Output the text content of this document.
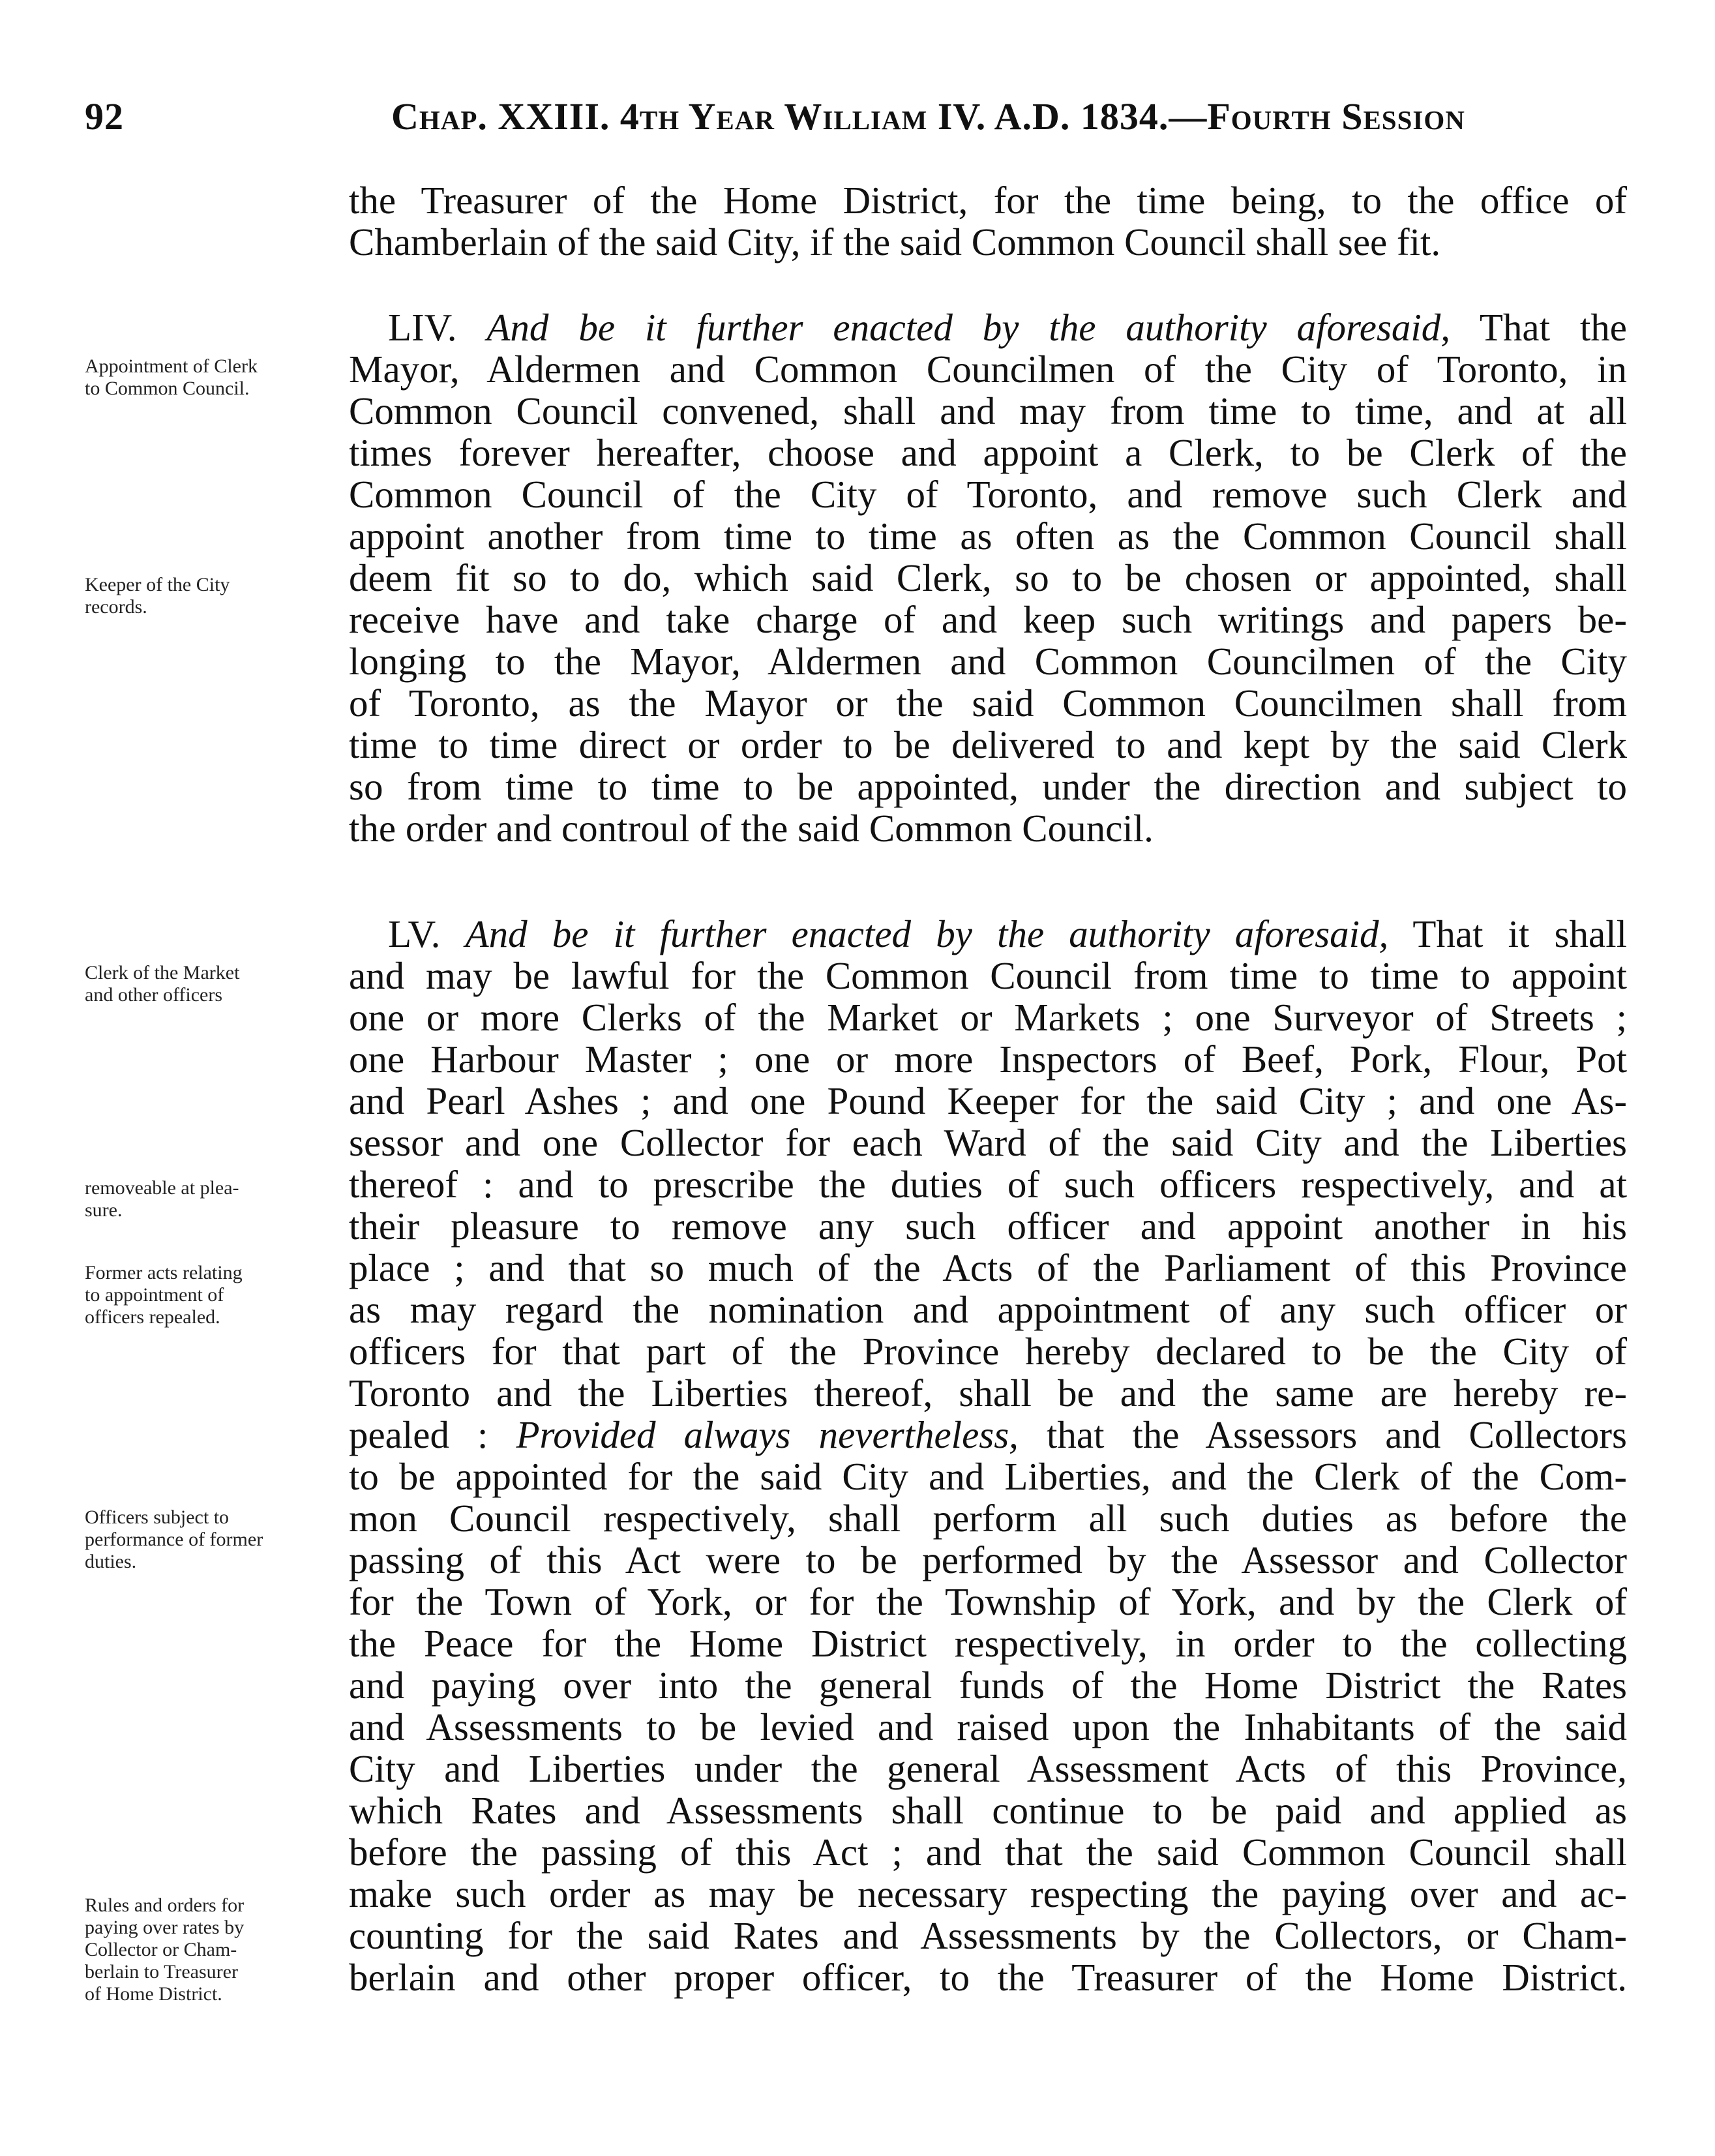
92	Chap. XXIII. 4th Year William IV. A.D. 1834.—Fourth Session
the Treasurer of the Home District, for the time being, to the office of
Chamberlain of the said City, if the said Common Council shall see fit.
LIV. And be it further enacted by the authority aforesaid, That the
Mayor, Aldermen and Common Councilmen of the City of Toronto, in
Common Council convened, shall and may from time to time, and at all
times forever hereafter, choose and appoint a Clerk, to be Clerk of the
Common Council of the City of Toronto, and remove such Clerk and
appoint another from time to time as often as the Common Council shall
deem fit so to do, which said Clerk, so to be chosen or appointed, shall
receive have and take charge of and keep such writings and papers be-
longing to the Mayor, Aldermen and Common Councilmen of the City
of Toronto, as the Mayor or the said Common Councilmen shall from
time to time direct or order to be delivered to and kept by the said Clerk
so from time to time to be appointed, under the direction and subject to
the order and controul of the said Common Council.
LV. And be it further enacted by the authority aforesaid, That it shall
and may be lawful for the Common Council from time to time to appoint
one or more Clerks of the Market or Markets ; one Surveyor of Streets ;
one Harbour Master ; one or more Inspectors of Beef, Pork, Flour, Pot
and Pearl Ashes ; and one Pound Keeper for the said City ; and one As-
sessor and one Collector for each Ward of the said City and the Liberties
thereof : and to prescribe the duties of such officers respectively, and at
their pleasure to remove any such officer and appoint another in his
place ; and that so much of the Acts of the Parliament of this Province
as may regard the nomination and appointment of any such officer or
officers for that part of the Province hereby declared to be the City of
Toronto and the Liberties thereof, shall be and the same are hereby re-
pealed : Provided always nevertheless, that the Assessors and Collectors
to be appointed for the said City and Liberties, and the Clerk of the Com-
mon Council respectively, shall perform all such duties as before the
passing of this Act were to be performed by the Assessor and Collector
for the Town of York, or for the Township of York, and by the Clerk of
the Peace for the Home District respectively, in order to the collecting
and paying over into the general funds of the Home District the Rates
and Assessments to be levied and raised upon the Inhabitants of the said
City and Liberties under the general Assessment Acts of this Province,
which Rates and Assessments shall continue to be paid and applied as
before the passing of this Act ; and that the said Common Council shall
make such order as may be necessary respecting the paying over and ac-
counting for the said Rates and Assessments by the Collectors, or Cham-
berlain and other proper officer, to the Treasurer of the Home District.
Appointment of Clerk
to Common Council.
Keeper of the City
records.
Clerk of the Market
and other officers
removeable at plea-
sure.
Former acts relating
to appointment of
officers repealed.
Officers subject to
performance of former
duties.
Rules and orders for
paying over rates by
Collector or Cham-
berlain to Treasurer
of Home District.
